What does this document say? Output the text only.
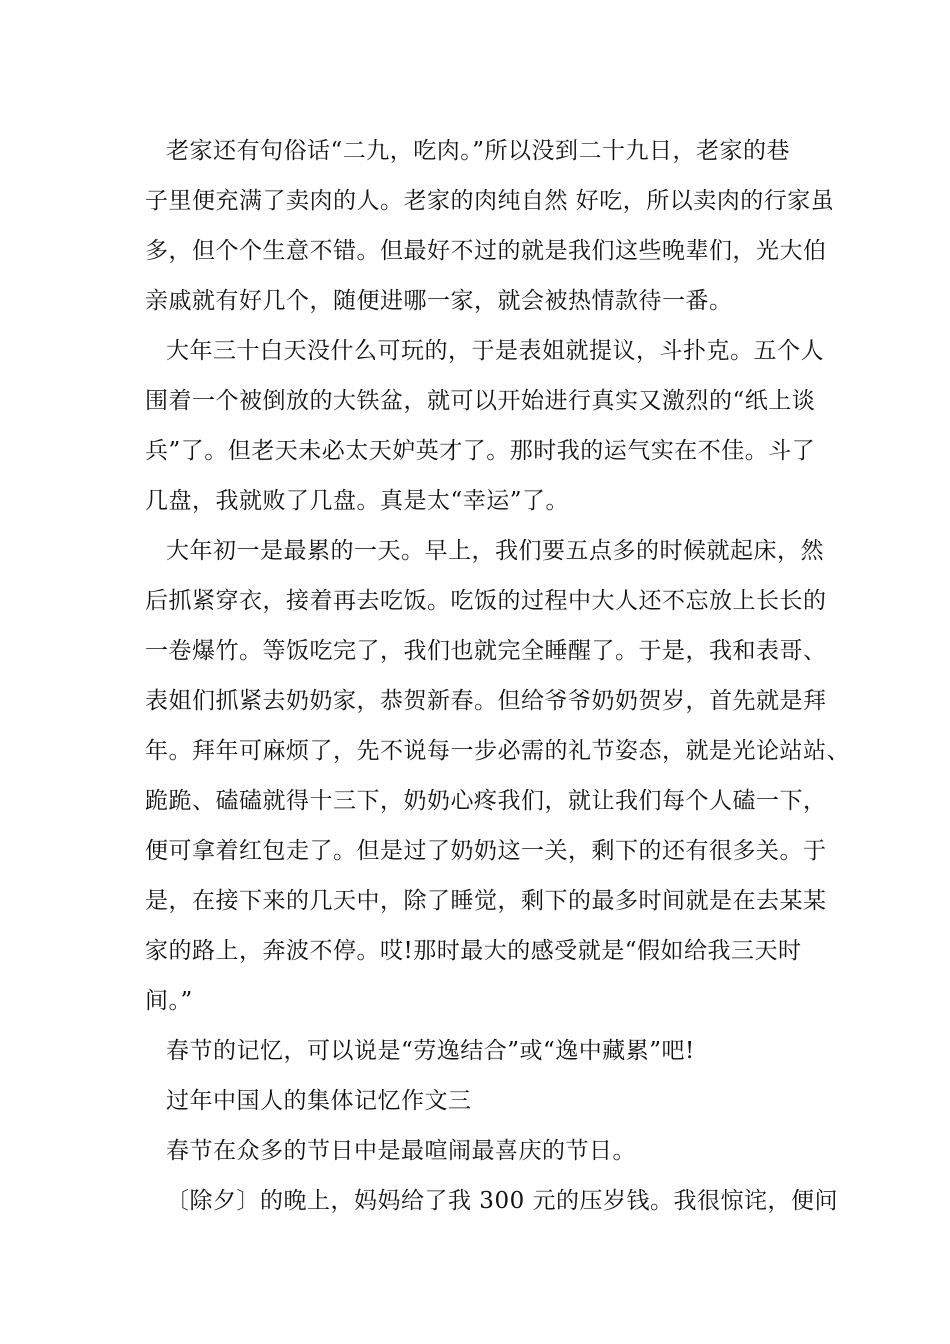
老家还有句俗话“二九，吃肉。”所以没到二十九日，老家的巷
子里便充满了卖肉的人。老家的肉纯自然 好吃，所以卖肉的行家虽
多，但个个生意不错。但最好不过的就是我们这些晚辈们，光大伯
亲戚就有好几个，随便进哪一家，就会被热情款待一番。
大年三十白天没什么可玩的，于是表姐就提议，斗扑克。五个人
围着一个被倒放的大铁盆，就可以开始进行真实又激烈的“纸上谈
兵”了。但老天未必太天妒英才了。那时我的运气实在不佳。斗了
几盘，我就败了几盘。真是太“幸运”了。
大年初一是最累的一天。早上，我们要五点多的时候就起床，然
后抓紧穿衣，接着再去吃饭。吃饭的过程中大人还不忘放上长长的
一卷爆竹。等饭吃完了，我们也就完全睡醒了。于是，我和表哥、
表姐们抓紧去奶奶家，恭贺新春。但给爷爷奶奶贺岁，首先就是拜
年。拜年可麻烦了，先不说每一步必需的礼节姿态，就是光论站站、
跪跪、磕磕就得十三下，奶奶心疼我们，就让我们每个人磕一下，
便可拿着红包走了。但是过了奶奶这一关，剩下的还有很多关。于
是，在接下来的几天中，除了睡觉，剩下的最多时间就是在去某某
家的路上，奔波不停。哎!那时最大的感受就是“假如给我三天时
间。”
春节的记忆，可以说是“劳逸结合”或“逸中藏累”吧!
过年中国人的集体记忆作文三
春节在众多的节日中是最喧闹最喜庆的节日。
〔除夕〕的晚上，妈妈给了我 300 元的压岁钱。我很惊诧，便问
